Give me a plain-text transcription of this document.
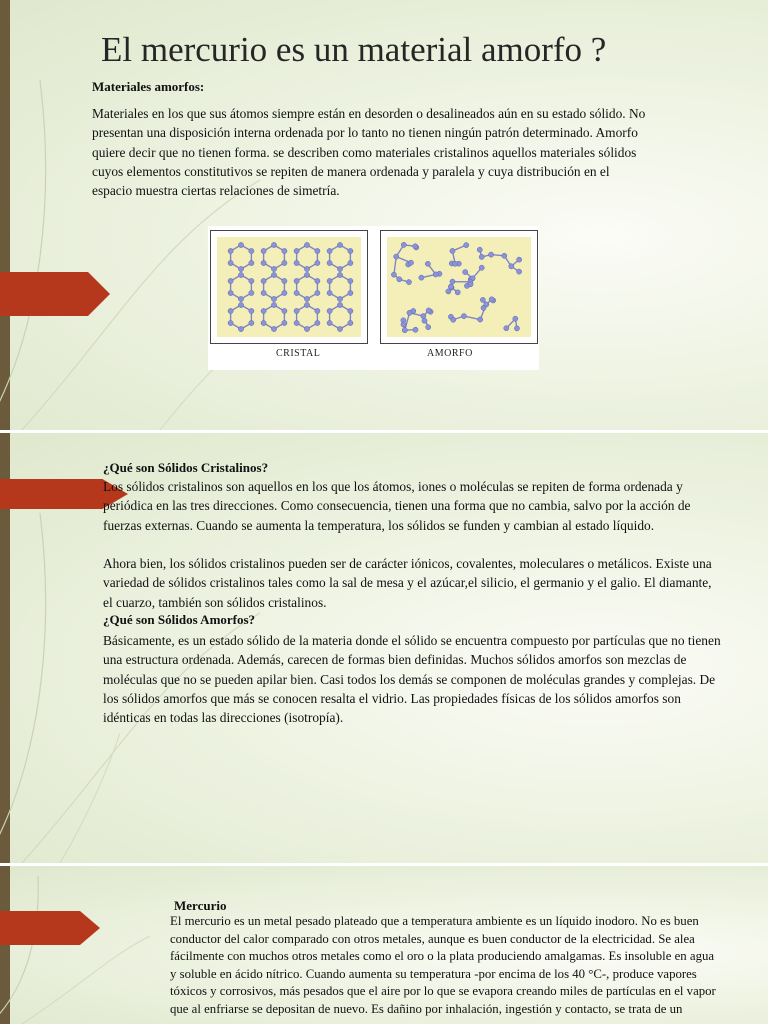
El mercurio es un material amorfo ?

Materiales amorfos:

Materiales en los que sus átomos siempre están en desorden o desalineados aún en su estado sólido. No presentan una disposición interna ordenada por lo tanto no tienen ningún patrón determinado. Amorfo quiere decir que no tienen forma. se describen como materiales cristalinos aquellos materiales sólidos cuyos elementos constitutivos se repiten de manera ordenada y paralela y cuya distribución en el espacio muestra ciertas relaciones de simetría.

CRISTAL	AMORFO

¿Qué son Sólidos Cristalinos?

Los sólidos cristalinos son aquellos en los que los átomos, iones o moléculas se repiten de forma ordenada y periódica en las tres direcciones. Como consecuencia, tienen una forma que no cambia, salvo por la acción de fuerzas externas. Cuando se aumenta la temperatura, los sólidos se funden y cambian al estado líquido.

Ahora bien, los sólidos cristalinos pueden ser de carácter iónicos, covalentes, moleculares o metálicos. Existe una variedad de sólidos cristalinos tales como la sal de mesa y el azúcar,el silicio, el germanio y el galio. El diamante, el cuarzo, también son sólidos cristalinos.

¿Qué son Sólidos Amorfos?

Básicamente, es un estado sólido de la materia donde el sólido se encuentra compuesto por partículas que no tienen una estructura ordenada. Además, carecen de formas bien definidas. Muchos sólidos amorfos son mezclas de moléculas que no se pueden apilar bien. Casi todos los demás se componen de moléculas grandes y complejas. De los sólidos amorfos que más se conocen resalta el vidrio. Las propiedades físicas de los sólidos amorfos son idénticas en todas las direcciones (isotropía).

Mercurio

El mercurio es un metal pesado plateado que a temperatura ambiente es un líquido inodoro. No es buen conductor del calor comparado con otros metales, aunque es buen conductor de la electricidad. Se alea fácilmente con muchos otros metales como el oro o la plata produciendo amalgamas. Es insoluble en agua y soluble en ácido nítrico. Cuando aumenta su temperatura -por encima de los 40 °C-, produce vapores tóxicos y corrosivos, más pesados que el aire por lo que se evapora creando miles de partículas en el vapor que al enfriarse se depositan de nuevo. Es dañino por inhalación, ingestión y contacto, se trata de un
